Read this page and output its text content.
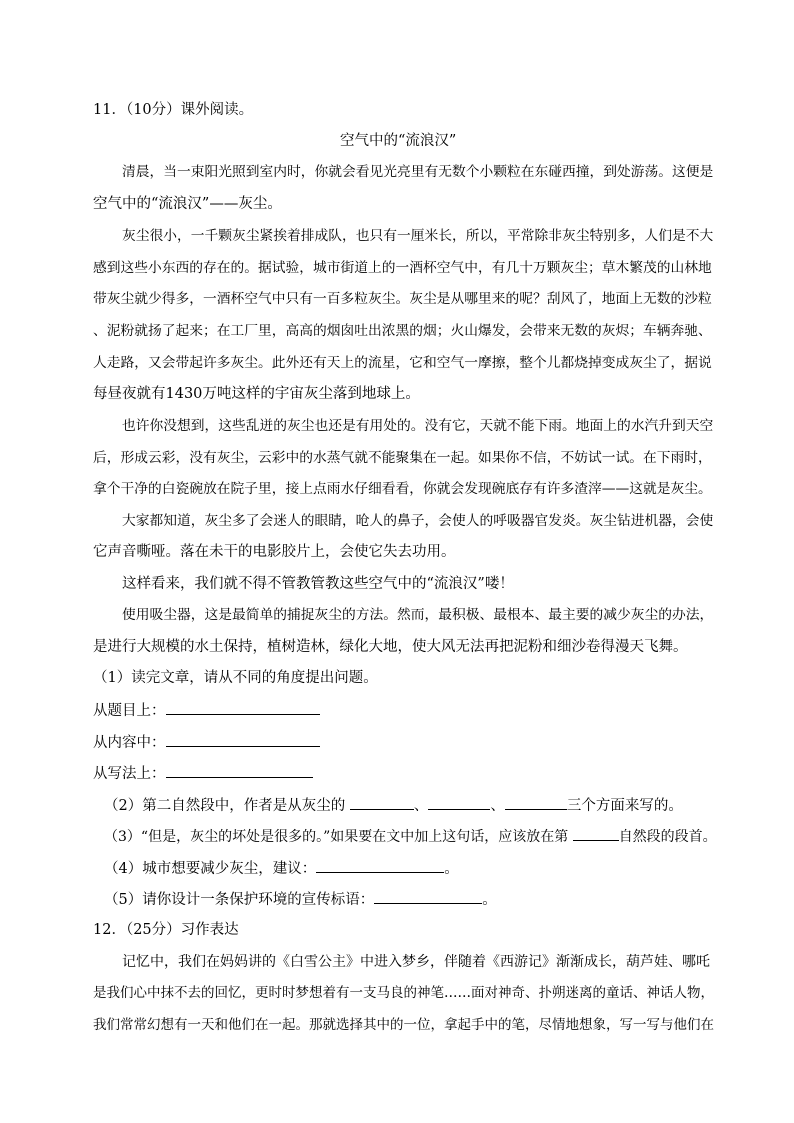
11．（10分）课外阅读。
空气中的“流浪汉”
清晨，当一束阳光照到室内时，你就会看见光亮里有无数个小颗粒在东碰西撞，到处游荡。这便是
空气中的“流浪汉”——灰尘。
灰尘很小，一千颗灰尘紧挨着排成队，也只有一厘米长，所以，平常除非灰尘特别多，人们是不大
感到这些小东西的存在的。据试验，城市街道上的一酒杯空气中，有几十万颗灰尘；草木繁茂的山林地
带灰尘就少得多，一酒杯空气中只有一百多粒灰尘。灰尘是从哪里来的呢？刮风了，地面上无数的沙粒
、泥粉就扬了起来；在工厂里，高高的烟囱吐出浓黑的烟；火山爆发，会带来无数的灰烬；车辆奔驰、
人走路，又会带起许多灰尘。此外还有天上的流星，它和空气一摩擦，整个儿都烧掉变成灰尘了，据说
每昼夜就有1430万吨这样的宇宙灰尘落到地球上。
也许你没想到，这些乱迸的灰尘也还是有用处的。没有它，天就不能下雨。地面上的水汽升到天空
后，形成云彩，没有灰尘，云彩中的水蒸气就不能聚集在一起。如果你不信，不妨试一试。在下雨时，
拿个干净的白瓷碗放在院子里，接上点雨水仔细看看，你就会发现碗底存有许多渣滓——这就是灰尘。
大家都知道，灰尘多了会迷人的眼睛，呛人的鼻子，会使人的呼吸器官发炎。灰尘钻进机器，会使
它声音嘶哑。落在未干的电影胶片上，会使它失去功用。
这样看来，我们就不得不管教管教这些空气中的“流浪汉”喽！
使用吸尘器，这是最简单的捕捉灰尘的方法。然而，最积极、最根本、最主要的减少灰尘的办法，
是进行大规模的水土保持，植树造林，绿化大地，使大风无法再把泥粉和细沙卷得漫天飞舞。
（1）读完文章，请从不同的角度提出问题。
从题目上：
从内容中：
从写法上：
（2）第二自然段中，作者是从灰尘的	、	、	三个方面来写的。
（3）“但是，灰尘的坏处是很多的。”如果要在文中加上这句话，应该放在第	自然段的段首。
（4）城市想要减少灰尘，建议：	。
（5）请你设计一条保护环境的宣传标语：	。
12．（25分）习作表达
记忆中，我们在妈妈讲的《白雪公主》中进入梦乡，伴随着《西游记》渐渐成长，葫芦娃、哪吒
是我们心中抹不去的回忆，更时时梦想着有一支马良的神笔……面对神奇、扑朔迷离的童话、神话人物，
我们常常幻想有一天和他们在一起。那就选择其中的一位，拿起手中的笔，尽情地想象，写一写与他们在
